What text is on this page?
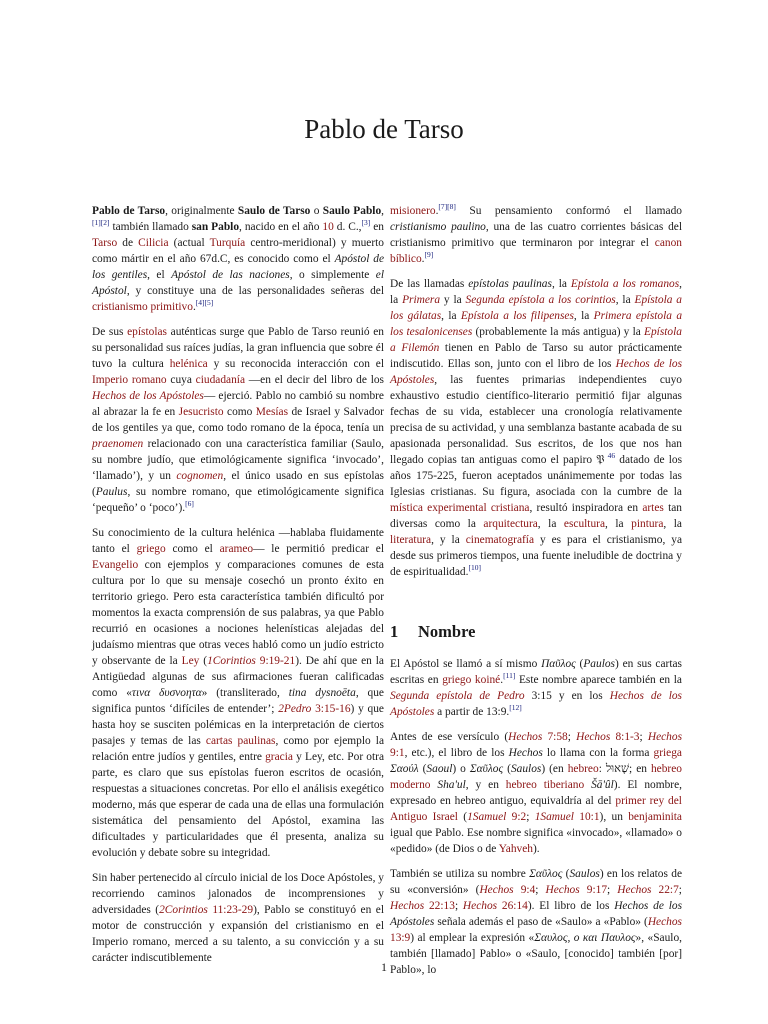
Pablo de Tarso

Pablo de Tarso, originalmente Saulo de Tarso o Saulo Pablo,[1][2] también llamado san Pablo, nacido en el año 10 d. C.,[3] en Tarso de Cilicia (actual Turquía centro-meridional) y muerto como mártir en el año 67d.C, es conocido como el Apóstol de los gentiles, el Apóstol de las naciones, o simplemente el Apóstol, y constituye una de las personalidades señeras del cristianismo primitivo.[4][5]

De sus epístolas auténticas surge que Pablo de Tarso reunió en su personalidad sus raíces judías, la gran influencia que sobre él tuvo la cultura helénica y su reconocida interacción con el Imperio romano cuya ciudadanía —en el decir del libro de los Hechos de los Apóstoles— ejerció. Pablo no cambió su nombre al abrazar la fe en Jesucristo como Mesías de Israel y Salvador de los gentiles ya que, como todo romano de la época, tenía un praenomen relacionado con una característica familiar (Saulo, su nombre judío, que etimológicamente significa ‘invocado’, ‘llamado’), y un cognomen, el único usado en sus epístolas (Paulus, su nombre romano, que etimológicamente significa ‘pequeño’ o ‘poco’).[6]

Su conocimiento de la cultura helénica —hablaba fluidamente tanto el griego como el arameo— le permitió predicar el Evangelio con ejemplos y comparaciones comunes de esta cultura por lo que su mensaje cosechó un pronto éxito en territorio griego. Pero esta característica también dificultó por momentos la exacta comprensión de sus palabras, ya que Pablo recurrió en ocasiones a nociones helenísticas alejadas del judaísmo mientras que otras veces habló como un judío estricto y observante de la Ley (1Corintios 9:19-21). De ahí que en la Antigüedad algunas de sus afirmaciones fueran calificadas como «τινα δυσνοητα» (transliterado, tina dysnoēta, que significa puntos ‘difíciles de entender’; 2Pedro 3:15-16) y que hasta hoy se susciten polémicas en la interpretación de ciertos pasajes y temas de las cartas paulinas, como por ejemplo la relación entre judíos y gentiles, entre gracia y Ley, etc. Por otra parte, es claro que sus epístolas fueron escritos de ocasión, respuestas a situaciones concretas. Por ello el análisis exegético moderno, más que esperar de cada una de ellas una formulación sistemática del pensamiento del Apóstol, examina las dificultades y particularidades que él presenta, analiza su evolución y debate sobre su integridad.

Sin haber pertenecido al círculo inicial de los Doce Apóstoles, y recorriendo caminos jalonados de incomprensiones y adversidades (2Corintios 11:23-29), Pablo se constituyó en el motor de construcción y expansión del cristianismo en el Imperio romano, merced a su talento, a su convicción y a su carácter indiscutiblemente

misionero.[7][8] Su pensamiento conformó el llamado cristianismo paulino, una de las cuatro corrientes básicas del cristianismo primitivo que terminaron por integrar el canon bíblico.[9]

De las llamadas epístolas paulinas, la Epístola a los romanos, la Primera y la Segunda epístola a los corintios, la Epístola a los gálatas, la Epístola a los filipenses, la Primera epístola a los tesalonicenses (probablemente la más antigua) y la Epístola a Filemón tienen en Pablo de Tarso su autor prácticamente indiscutido. Ellas son, junto con el libro de los Hechos de los Apóstoles, las fuentes primarias independientes cuyo exhaustivo estudio científico-literario permitió fijar algunas fechas de su vida, establecer una cronología relativamente precisa de su actividad, y una semblanza bastante acabada de su apasionada personalidad. Sus escritos, de los que nos han llegado copias tan antiguas como el papiro 𝔓 $^{46}$ datado de los años 175-225, fueron aceptados unánimemente por todas las Iglesias cristianas. Su figura, asociada con la cumbre de la mística experimental cristiana, resultó inspiradora en artes tan diversas como la arquitectura, la escultura, la pintura, la literatura, y la cinematografía y es para el cristianismo, ya desde sus primeros tiempos, una fuente ineludible de doctrina y de espiritualidad.[10]

1 Nombre

El Apóstol se llamó a sí mismo Παῦλος (Paulos) en sus cartas escritas en griego koiné.[11] Este nombre aparece también en la Segunda epístola de Pedro 3:15 y en los Hechos de los Apóstoles a partir de 13:9.[12]

Antes de ese versículo (Hechos 7:58; Hechos 8:1-3; Hechos 9:1, etc.), el libro de los Hechos lo llama con la forma griega Σαούλ (Saoul) o Σαῦλος (Saulos) (en hebreo: שָׁאוּל; en hebreo moderno Sha'ul, y en hebreo tiberiano Šā'ûl). El nombre, expresado en hebreo antiguo, equivaldría al del primer rey del Antiguo Israel (1Samuel 9:2; 1Samuel 10:1), un benjaminita igual que Pablo. Ese nombre significa «invocado», «llamado» o «pedido» (de Dios o de Yahveh).

También se utiliza su nombre Σαῦλος (Saulos) en los relatos de su «conversión» (Hechos 9:4; Hechos 9:17; Hechos 22:7; Hechos 22:13; Hechos 26:14). El libro de los Hechos de los Apóstoles señala además el paso de «Saulo» a «Pablo» (Hechos 13:9) al emplear la expresión «Σαυλος, ο και Παυλος», «Saulo, también [llamado] Pablo» o «Saulo, [conocido] también [por] Pablo», lo

1
